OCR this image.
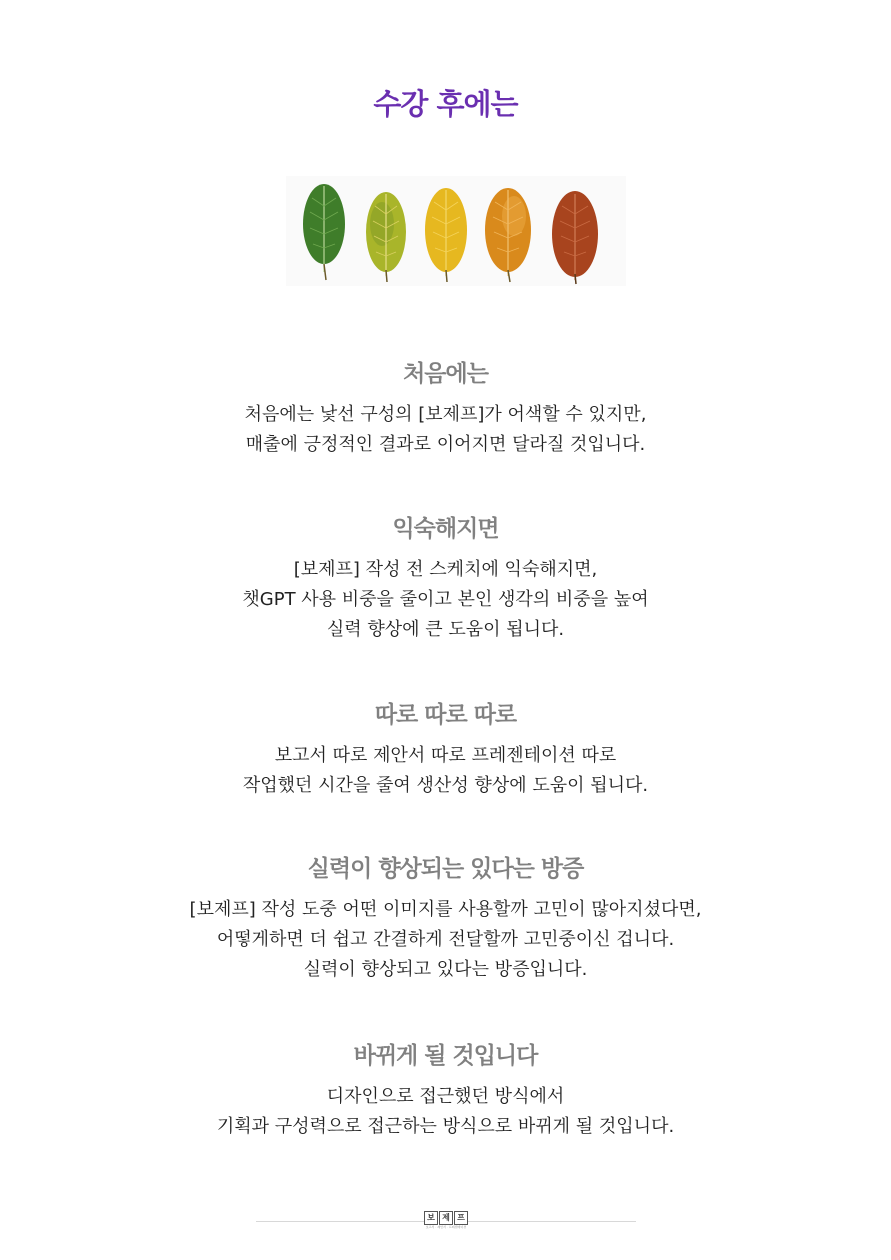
수강 후에는
처음에는
처음에는 낯선 구성의 [보제프]가 어색할 수 있지만,
매출에 긍정적인 결과로 이어지면 달라질 것입니다.
익숙해지면
[보제프] 작성 전 스케치에 익숙해지면,
챗GPT 사용 비중을 줄이고 본인 생각의 비중을 높여
실력 향상에 큰 도움이 됩니다.
따로 따로 따로
보고서 따로 제안서 따로 프레젠테이션 따로
작업했던 시간을 줄여 생산성 향상에 도움이 됩니다.
실력이 향상되는 있다는 방증
[보제프] 작성 도중 어떤 이미지를 사용할까 고민이 많아지셨다면,
어떻게하면 더 쉽고 간결하게 전달할까 고민중이신 겁니다.
실력이 향상되고 있다는 방증입니다.
바뀌게 될 것입니다
디자인으로 접근했던 방식에서
기획과 구성력으로 접근하는 방식으로 바뀌게 될 것입니다.
보 제 프
보고서 · 제안서 · 프레젠테이션
